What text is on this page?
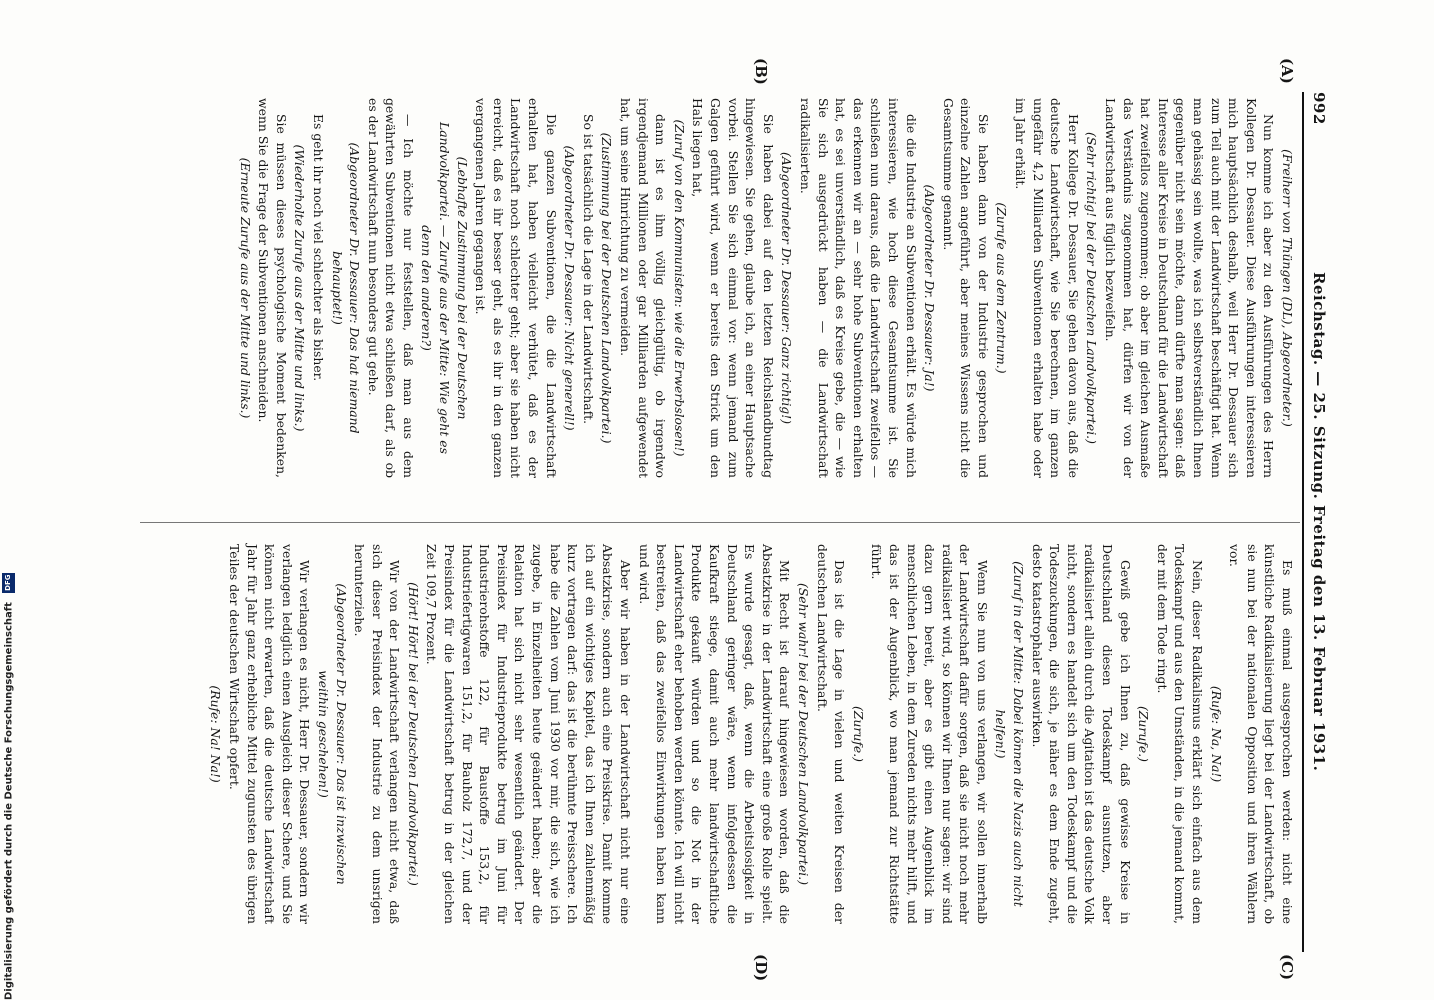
992
Reichstag. — 25. Sitzung. Freitag den 13. Februar 1931.
(A)
(B)
(C)
(D)

(Freiherr von Thüngen (DL), Abgeordneter.)

Nun komme ich aber zu den Ausführungen des Herrn Kollegen Dr. Dessauer. Diese Ausführungen interessieren mich hauptsächlich deshalb, weil Herr Dr. Dessauer sich zum Teil auch mit der Landwirtschaft beschäftigt hat. Wenn man gehässig sein wollte, was ich selbstverständlich Ihnen gegenüber nicht sein möchte, dann dürfte man sagen: daß Interesse aller Kreise in Deutschland für die Landwirtschaft hat zweifellos zugenommen; ob aber im gleichen Ausmaße das Verständnis zugenommen hat, dürfen wir von der Landwirtschaft aus füglich bezweifeln.

(Sehr richtig! bei der Deutschen Landvolkpartei.)

Herr Kollege Dr. Dessauer, Sie gehen davon aus, daß die deutsche Landwirtschaft, wie Sie berechnen, im ganzen ungefähr 4,2 Milliarden Subventionen erhalten habe oder im Jahr erhält.

(Zurufe aus dem Zentrum.)

Sie haben dann von der Industrie gesprochen und einzelne Zahlen angeführt, aber meines Wissens nicht die Gesamtsumme genannt.

(Abgeordneter Dr. Dessauer: Ja!)

die die Industrie an Subventionen erhält. Es würde mich interessieren, wie hoch diese Gesamtsumme ist. Sie schließen nun daraus, daß die Landwirtschaft zweifellos — das erkennen wir an — sehr hohe Subventionen erhalten hat, es sei unverständlich, daß es Kreise gebe, die — wie Sie sich ausgedrückt haben — die Landwirtschaft radikalisierten.

(Abgeordneter Dr. Dessauer: Ganz richtig!)

Sie haben dabei auf den letzten Reichslandbundtag hingewiesen. Sie gehen, glaube ich, an einer Hauptsache vorbei. Stellen Sie sich einmal vor: wenn jemand zum Galgen geführt wird, wenn er bereits den Strick um den Hals liegen hat,

(Zuruf von den Kommunisten: wie die Erwerbslosen!)

dann ist es ihm völlig gleichgültig, ob irgendwo irgendjemand Millionen oder gar Milliarden aufgewendet hat, um seine Hinrichtung zu vermeiden.

(Zustimmung bei der Deutschen Landvolkpartei.)

So ist tatsächlich die Lage in der Landwirtschaft.

(Abgeordneter Dr. Dessauer: Nicht generell!)

Die ganzen Subventionen, die die Landwirtschaft erhalten hat, haben vielleicht verhütet, daß es der Landwirtschaft noch schlechter geht; aber sie haben nicht erreicht, daß es ihr besser geht, als es ihr in den ganzen vergangenen Jahren gegangen ist.

(Lebhafte Zustimmung bei der Deutschen Landvolkpartei. — Zurufe aus der Mitte: Wie geht es denn den anderen?)

— Ich möchte nur feststellen, daß man aus dem gewährten Subventionen nicht etwa schließen darf, als ob es der Landwirtschaft nun besonders gut gehe.

(Abgeordneter Dr. Dessauer: Das hat niemand behauptet!)

Es geht ihr noch viel schlechter als bisher.

(Wiederholte Zurufe aus der Mitte und links.)

Sie müssen dieses psychologische Moment bedenken, wenn Sie die Frage der Subventionen anschneiden.

(Erneute Zurufe aus der Mitte und links.)

Es muß einmal ausgesprochen werden: nicht eine künstliche Radikalisierung liegt bei der Landwirtschaft, ob sie nun bei der nationalen Opposition und ihren Wählern vor.

(Rufe: Na, Na!)

Nein, dieser Radikalismus erklärt sich einfach aus dem Todeskampf und aus den Umständen, in die jemand kommt, der mit dem Tode ringt.

(Zurufe.)

Gewiß gebe ich Ihnen zu, daß gewisse Kreise in Deutschland diesen Todeskampf ausnutzen, aber radikalisiert allein durch die Agitation ist das deutsche Volk nicht, sondern es handelt sich um den Todeskampf und die Todeszuckungen, die sich, je näher es dem Ende zugeht, desto katastrophaler auswirken.

(Zuruf in der Mitte: Dabei können die Nazis auch nicht helfen!)

Wenn Sie nun von uns verlangen, wir sollen innerhalb der Landwirtschaft dafür sorgen, daß sie nicht noch mehr radikalisiert wird, so können wir Ihnen nur sagen: wir sind dazu gern bereit, aber es gibt einen Augenblick im menschlichen Leben, in dem Zureden nichts mehr hilft, und das ist der Augenblick, wo man jemand zur Richtstätte führt.

(Zurufe.)

Das ist die Lage in vielen und weiten Kreisen der deutschen Landwirtschaft.

(Sehr wahr! bei der Deutschen Landvolkpartei.)

Mit Recht ist darauf hingewiesen worden, daß die Absatzkrise in der Landwirtschaft eine große Rolle spielt. Es wurde gesagt, daß, wenn die Arbeitslosigkeit in Deutschland geringer wäre, wenn infolgedessen die Kaufkraft stiege, damit auch mehr landwirtschaftliche Produkte gekauft würden und so die Not in der Landwirtschaft eher behoben werden könnte. Ich will nicht bestreiten, daß das zweifellos Einwirkungen haben kann und wird.

Aber wir haben in der Landwirtschaft nicht nur eine Absatzkrise, sondern auch eine Preiskrise. Damit komme ich auf ein wichtiges Kapitel, das ich Ihnen zahlenmäßig kurz vortragen darf: das ist die berühmte Preisschere. Ich habe die Zahlen vom Juni 1930 vor mir, die sich, wie ich zugebe, in Einzelheiten heute geändert haben; aber die Relation hat sich nicht sehr wesentlich geändert. Der Preisindex für Industrieprodukte betrug im Juni für Industrierohstoffe 122, für Baustoffe 153,2, für Industriefertigwaren 151,2, für Bauholz 172,7, und der Preisindex für die Landwirtschaft betrug in der gleichen Zeit 109,7 Prozent.

(Hört! Hört! bei der Deutschen Landvolkpartei.)

Wir von der Landwirtschaft verlangen nicht etwa, daß sich dieser Preisindex der Industrie zu dem unsrigen herunterziehe.

(Abgeordneter Dr. Dessauer: Das ist inzwischen weithin geschehen!)

Wir verlangen es nicht, Herr Dr. Dessauer, sondern wir verlangen lediglich einen Ausgleich dieser Schere, und Sie können nicht erwarten, daß die deutsche Landwirtschaft Jahr für Jahr ganz erhebliche Mittel zugunsten des übrigen Teiles der deutschen Wirtschaft opfert.

(Rufe: Na! Na!)

Digitalisierung gefördert durch die Deutsche Forschungsgemeinschaft DFG
